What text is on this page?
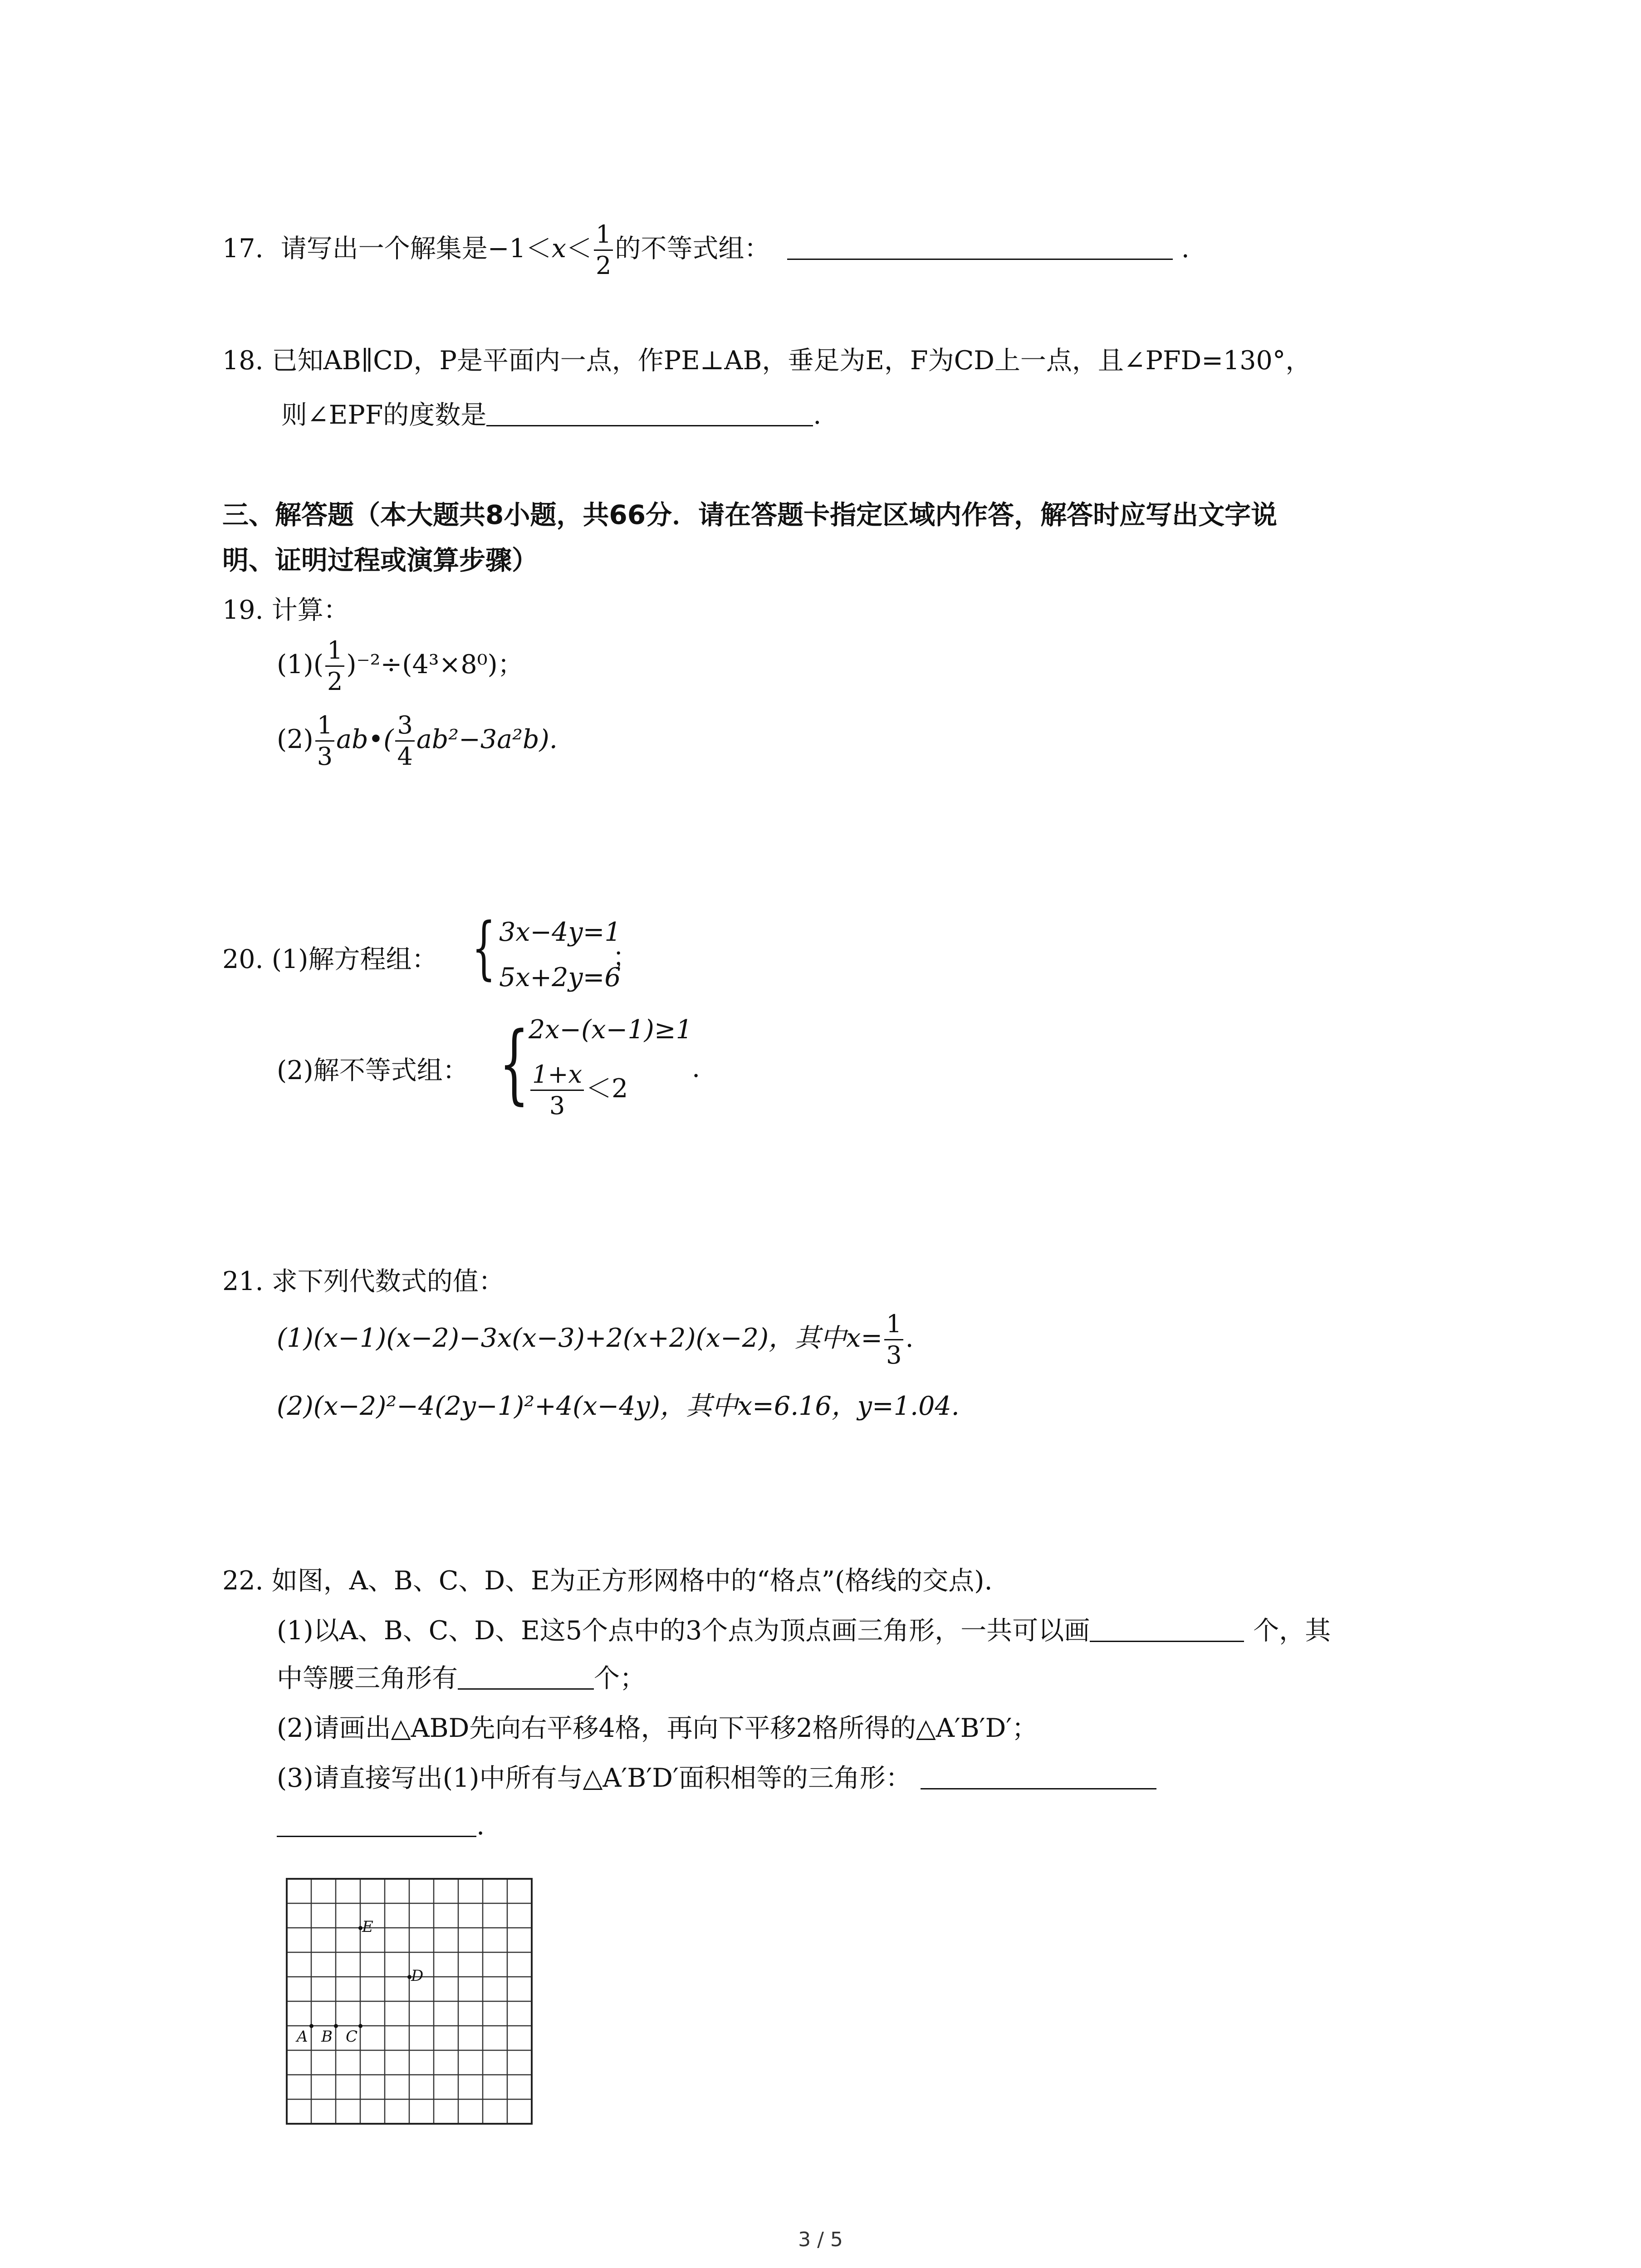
17. 请写出一个解集是$-1<x< \frac{1}{2}$ 的不等式组：	.
18. 已知AB∥CD，P是平面内一点，作PE⊥AB，垂足为E，F为CD上一点，且∠PFD=130°，
则∠EPF的度数是	.
三、解答题（本大题共8小题，共66分．请在答题卡指定区域内作答，解答时应写出文字说
明、证明过程或演算步骤）
19. 计算：
$(1)( \frac{1}{2} )^{-2}\div(4^3\times 8^0)$；
$(2) \frac{1}{3}$ ab•( $\frac{3}{4} ab^2-3a^2b$).
20. (1)解方程组： { 3x−4y=1
5x+2y=6
；
(2)解不等式组： {
2x−(x−1)≥1
$\frac{1+x}{3} <2$
.
21. 求下列代数式的值：
(1)(x−1)(x−2)−3x(x−3)+2(x+2)(x−2)，其中$x= \frac{1}{3}$ .
(2)(x−2)²−4(2y−1)²+4(x−4y)，其中x=6.16，y=1.04.
22. 如图，A、B、C、D、E为正方形网格中的“格点”(格线的交点).
(1)以A、B、C、D、E这5个点中的3个点为顶点画三角形，一共可以画	个，其
中等腰三角形有	个；
(2)请画出△ABD先向右平移4格，再向下平移2格所得的△A′B′D′；
(3)请直接写出(1)中所有与△A′B′D′面积相等的三角形：
.
A B C
D
E
3 / 5
